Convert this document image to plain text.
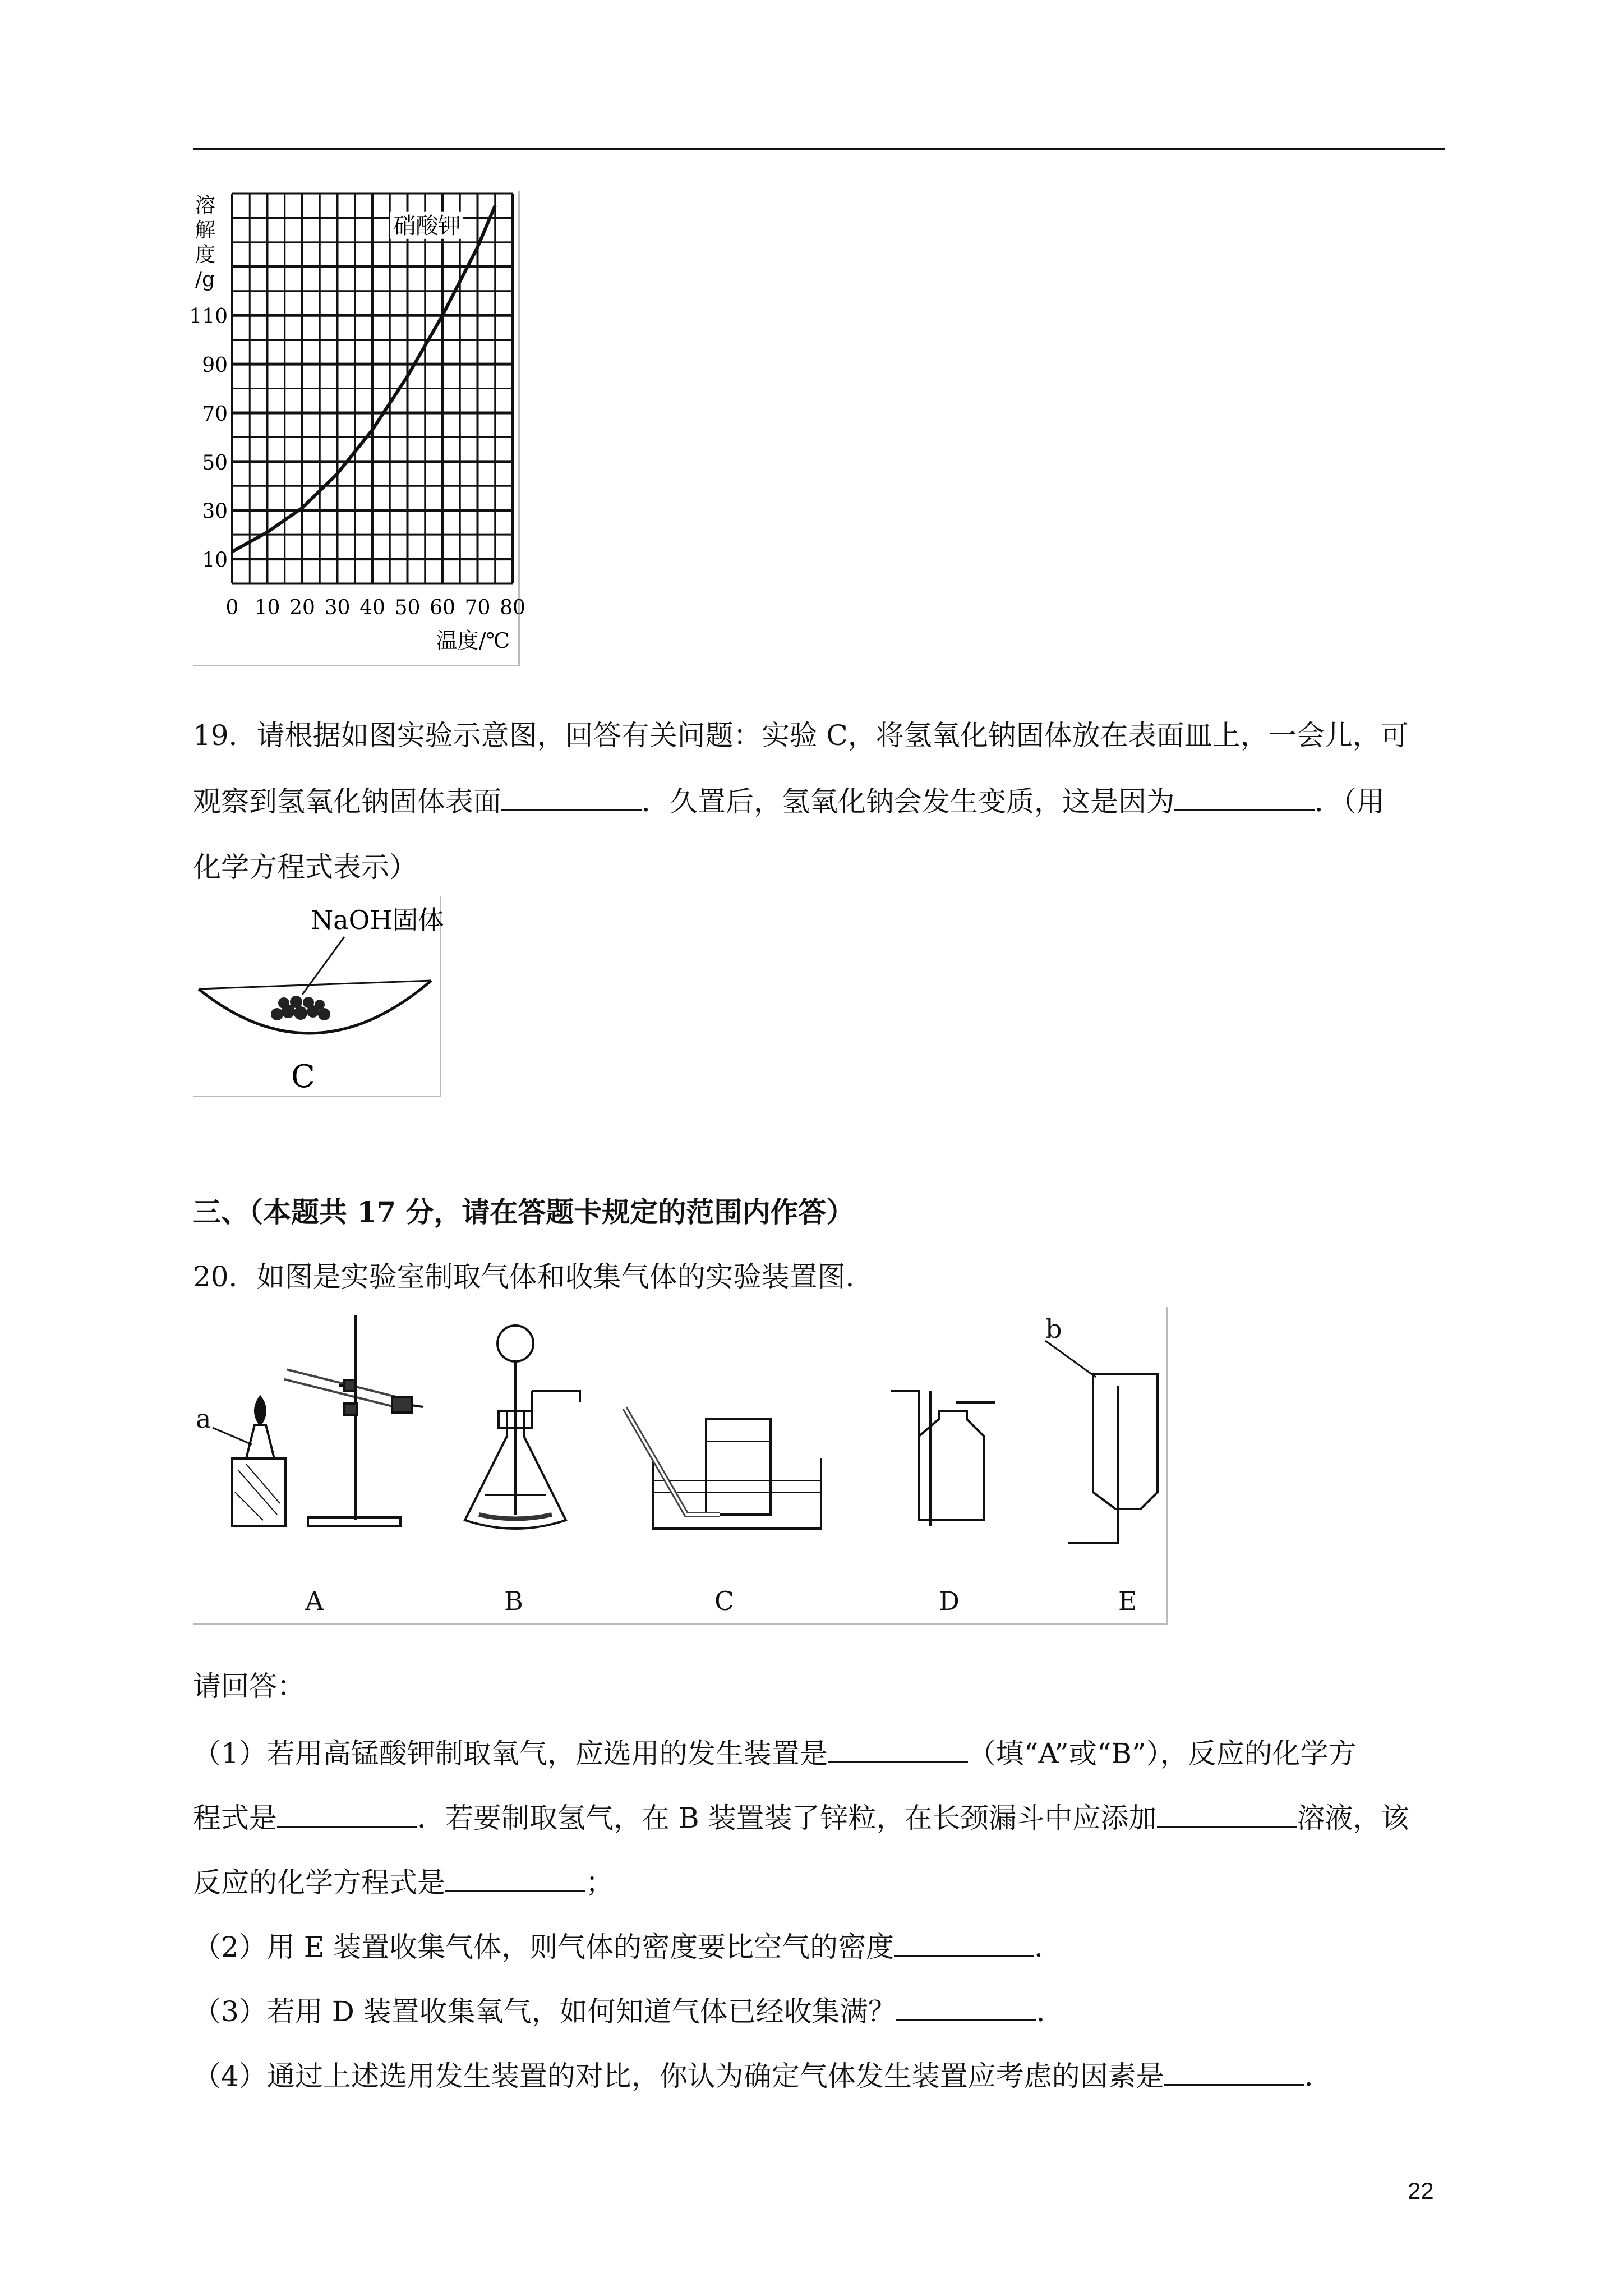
10
30
50
70
90
110
0 10 20 30 40 50 60 70 80
溶
解
度
/g
温度/℃
硝酸钾
19．请根据如图实验示意图，回答有关问题：实验 C，将氢氧化钠固体放在表面皿上，一会儿，可
观察到氢氧化钠固体表面	．久置后，氢氧化钠会发生变质，这是因为	．（用
化学方程式表示）
NaOH固体
C
三、（本题共 17 分，请在答题卡规定的范围内作答）
20．如图是实验室制取气体和收集气体的实验装置图．
a
b
A	B	C	D	E
请回答：
（1）若用高锰酸钾制取氧气，应选用的发生装置是	（填“A”或“B”），反应的化学方
程式是	．若要制取氢气，在 B 装置装了锌粒，在长颈漏斗中应添加	溶液，该
反应的化学方程式是	；
（2）用 E 装置收集气体，则气体的密度要比空气的密度	．
（3）若用 D 装置收集氧气，如何知道气体已经收集满？	．
（4）通过上述选用发生装置的对比，你认为确定气体发生装置应考虑的因素是	．
22
